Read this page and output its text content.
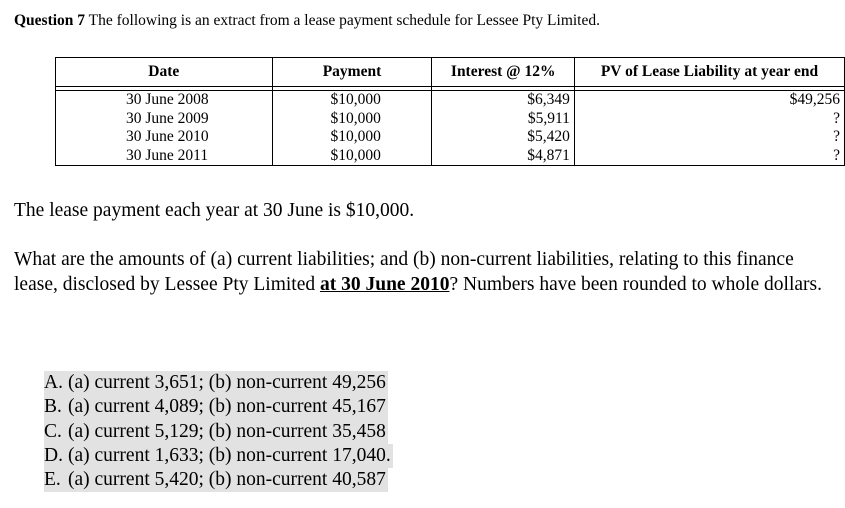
Question 7 The following is an extract from a lease payment schedule for Lessee Pty Limited.
Date	Payment	Interest @ 12%	PV of Lease Liability at year end

30 June 2008	$10,000	$6,349	$49,256
30 June 2009	$10,000	$5,911	?
30 June 2010	$10,000	$5,420	?
30 June 2011	$10,000	$4,871	?
The lease payment each year at 30 June is $10,000.
What are the amounts of (a) current liabilities; and (b) non-current liabilities, relating to this finance lease, disclosed by Lessee Pty Limited at 30 June 2010? Numbers have been rounded to whole dollars.
A. (a) current 3,651; (b) non-current 49,256
B. (a) current 4,089; (b) non-current 45,167
C. (a) current 5,129; (b) non-current 35,458
D. (a) current 1,633; (b) non-current 17,040.
E. (a) current 5,420; (b) non-current 40,587
